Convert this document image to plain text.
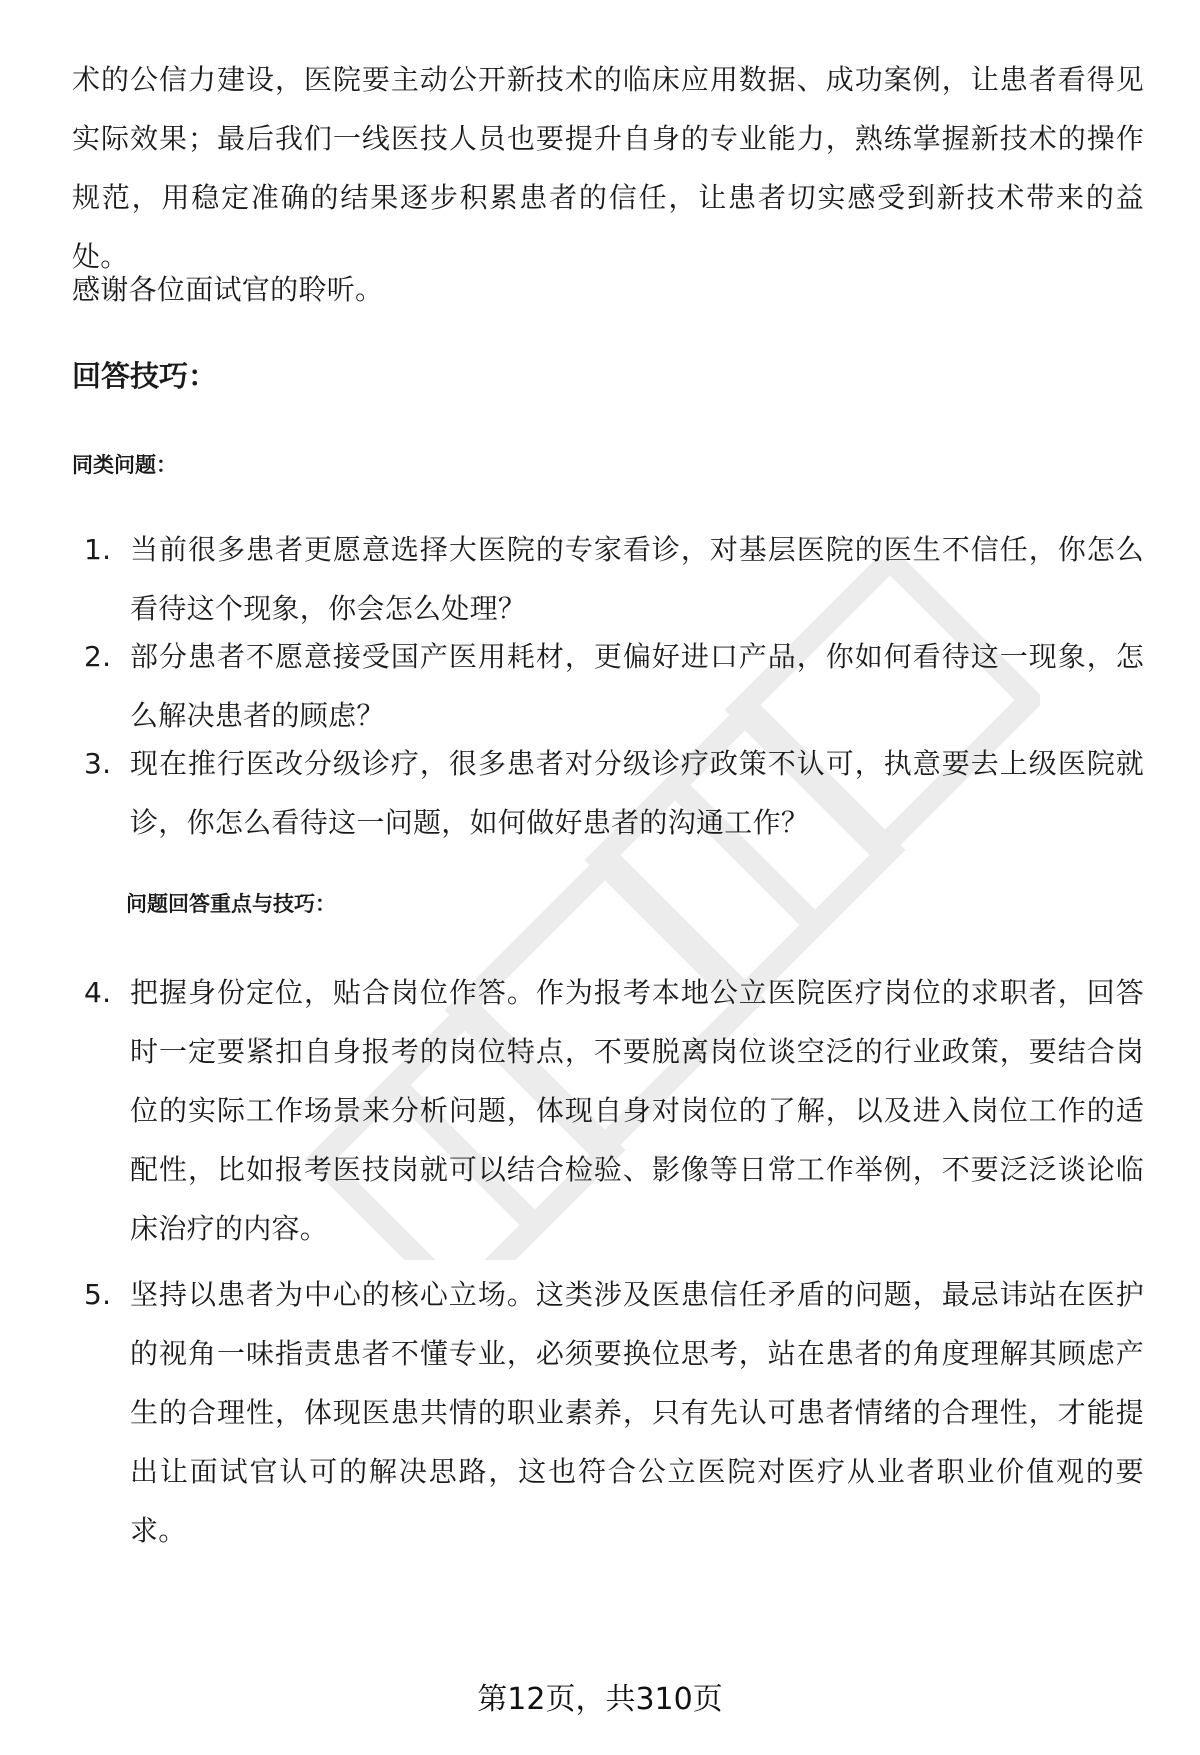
术的公信力建设，医院要主动公开新技术的临床应用数据、成功案例，让患者看得见实际效果；最后我们一线医技人员也要提升自身的专业能力，熟练掌握新技术的操作规范，用稳定准确的结果逐步积累患者的信任，让患者切实感受到新技术带来的益处。

感谢各位面试官的聆听。

回答技巧：
同类问题：
1. 当前很多患者更愿意选择大医院的专家看诊，对基层医院的医生不信任，你怎么看待这个现象，你会怎么处理？
2. 部分患者不愿意接受国产医用耗材，更偏好进口产品，你如何看待这一现象，怎么解决患者的顾虑？
3. 现在推行医改分级诊疗，很多患者对分级诊疗政策不认可，执意要去上级医院就诊，你怎么看待这一问题，如何做好患者的沟通工作？
问题回答重点与技巧：
4. 把握身份定位，贴合岗位作答。作为报考本地公立医院医疗岗位的求职者，回答时一定要紧扣自身报考的岗位特点，不要脱离岗位谈空泛的行业政策，要结合岗位的实际工作场景来分析问题，体现自身对岗位的了解，以及进入岗位工作的适配性，比如报考医技岗就可以结合检验、影像等日常工作举例，不要泛泛谈论临床治疗的内容。
5. 坚持以患者为中心的核心立场。这类涉及医患信任矛盾的问题，最忌讳站在医护的视角一味指责患者不懂专业，必须要换位思考，站在患者的角度理解其顾虑产生的合理性，体现医患共情的职业素养，只有先认可患者情绪的合理性，才能提出让面试官认可的解决思路，这也符合公立医院对医疗从业者职业价值观的要求。
第12页，共310页
